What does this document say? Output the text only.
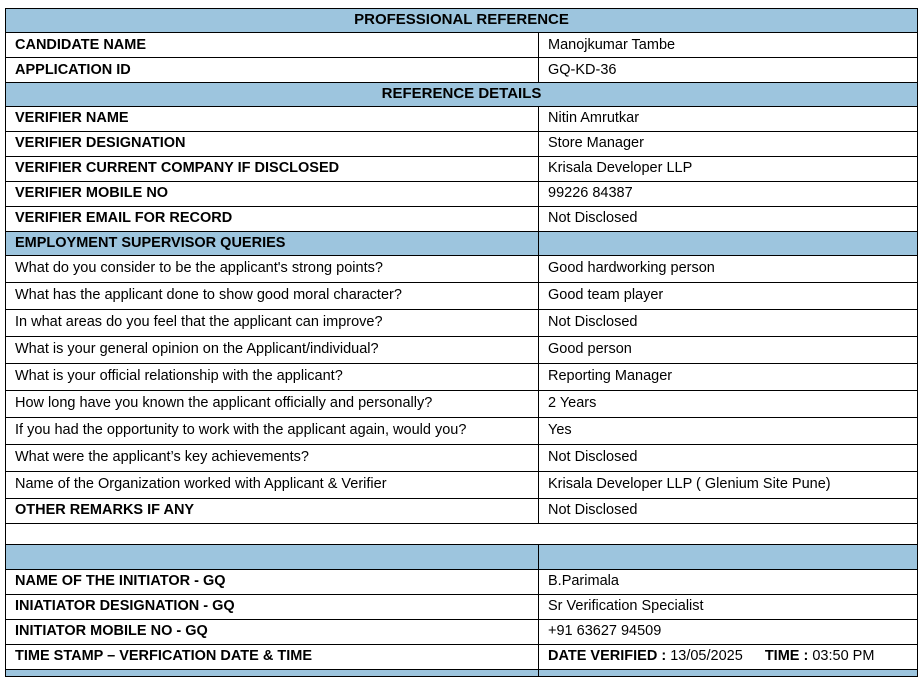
PROFESSIONAL REFERENCE	
CANDIDATE NAME	Manojkumar Tambe
APPLICATION ID	GQ-KD-36
REFERENCE DETAILS	
VERIFIER NAME	Nitin Amrutkar
VERIFIER DESIGNATION	Store Manager
VERIFIER CURRENT COMPANY IF DISCLOSED	Krisala Developer LLP
VERIFIER MOBILE NO	99226 84387
VERIFIER EMAIL FOR RECORD	Not Disclosed
EMPLOYMENT SUPERVISOR QUERIES	
What do you consider to be the applicant's strong points?	Good hardworking person
What has the applicant done to show good moral character?	Good team player
In what areas do you feel that the applicant can improve?	Not Disclosed
What is your general opinion on the Applicant/individual?	Good person
What is your official relationship with the applicant?	Reporting Manager
How long have you known the applicant officially and personally?	2 Years
If you had the opportunity to work with the applicant again, would you?	Yes
What were the applicant’s key achievements?	Not Disclosed
Name of the Organization worked with Applicant & Verifier	Krisala Developer LLP ( Glenium Site Pune)
OTHER REMARKS IF ANY	Not Disclosed

NAME OF THE INITIATOR - GQ	B.Parimala
INIATIATOR DESIGNATION - GQ	Sr Verification Specialist
INITIATOR MOBILE NO - GQ	+91 63627 94509
TIME STAMP – VERFICATION DATE & TIME	DATE VERIFIED : 13/05/2025 TIME : 03:50 PM
